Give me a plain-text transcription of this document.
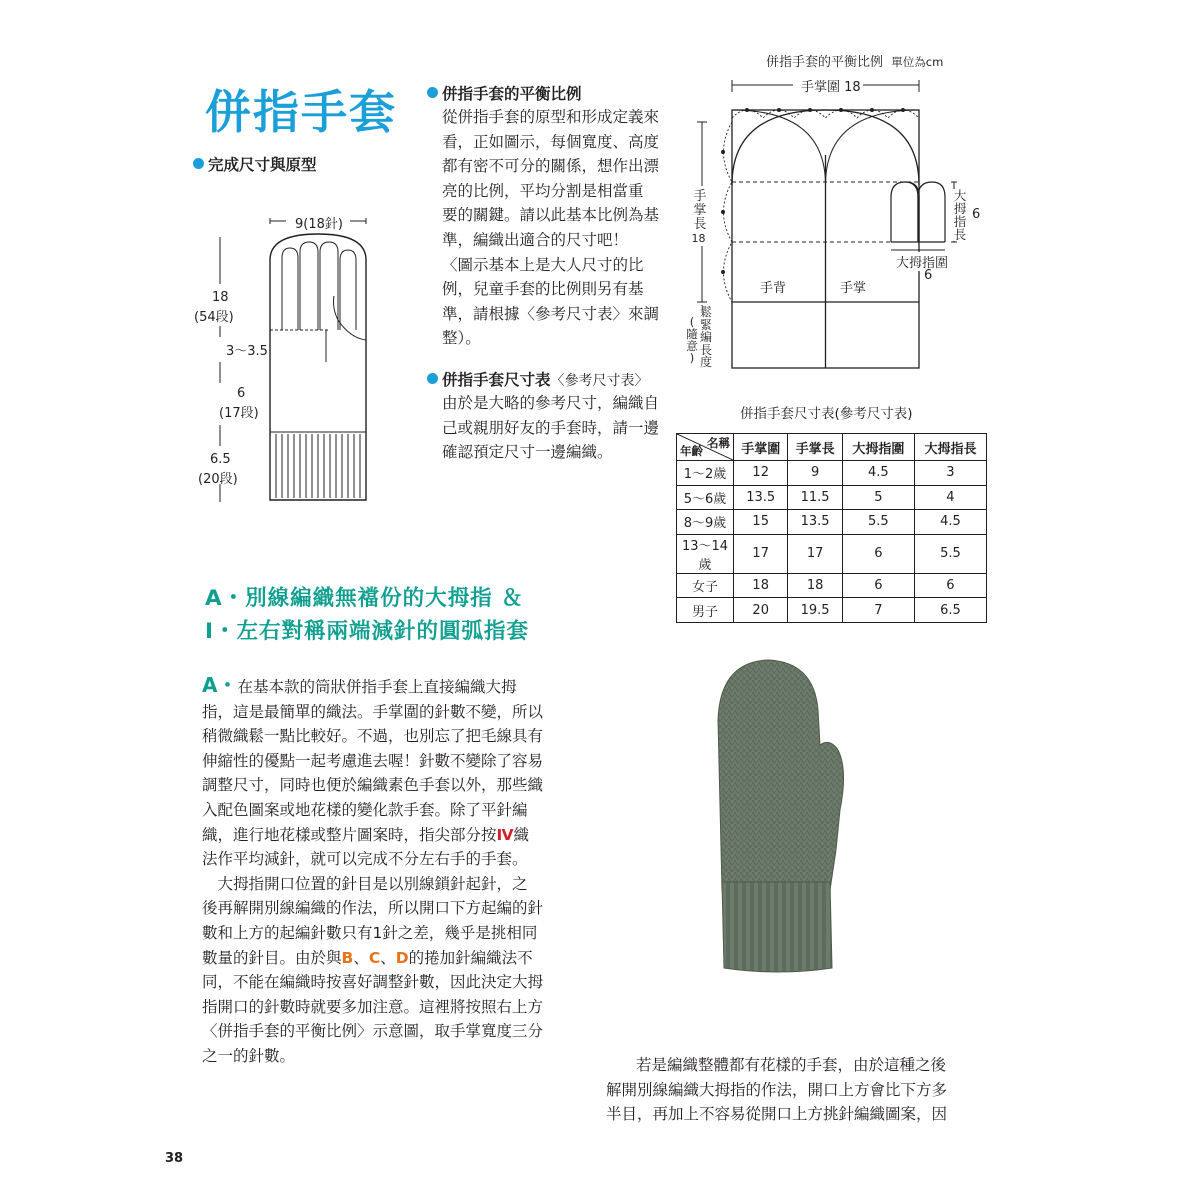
併指手套
完成尺寸與原型
9(18針)
18
(54段)
3～3.5
6
(17段)
6.5
(20段)
併指手套的平衡比例
從併指手套的原型和形成定義來
看，正如圖示，每個寬度、高度
都有密不可分的關係，想作出漂
亮的比例，平均分割是相當重
要的關鍵。請以此基本比例為基
準，編織出適合的尺寸吧！
〈圖示基本上是大人尺寸的比
例，兒童手套的比例則另有基
準，請根據〈參考尺寸表〉來調
整）。
併指手套尺寸表〈參考尺寸表〉
由於是大略的參考尺寸，編織自
己或親朋好友的手套時，請一邊
確認預定尺寸一邊編織。
併指手套的平衡比例 單位為cm
手掌圍 18
手
掌
長
18
大
拇
指
長
6
大拇指圍
6
手背	手掌
鬆
緊
編
長
度
(
隨
意
)
併指手套尺寸表(參考尺寸表)
名稱
年齡	手掌圍	手掌長	大拇指圍	大拇指長
1～2歲	12	9	4.5	3
5～6歲	13.5	11.5	5	4
8～9歲	15	13.5	5.5	4.5
13～14歲	17	17	6	5.5
女子	18	18	6	6
男子	20	19.5	7	6.5
A・別線編織無襠份的大拇指 ＆
I・左右對稱兩端減針的圓弧指套
A・在基本款的筒狀併指手套上直接編織大拇
指，這是最簡單的織法。手掌圍的針數不變，所以
稍微織鬆一點比較好。不過，也別忘了把毛線具有
伸縮性的優點一起考慮進去喔！針數不變除了容易
調整尺寸，同時也便於編織素色手套以外，那些織
入配色圖案或地花樣的變化款手套。除了平針編
織，進行地花樣或整片圖案時，指尖部分按Ⅳ織
法作平均減針，就可以完成不分左右手的手套。
　大拇指開口位置的針目是以別線鎖針起針，之
後再解開別線編織的作法，所以開口下方起編的針
數和上方的起編針數只有1針之差，幾乎是挑相同
數量的針目。由於與B、C、D的捲加針編織法不
同，不能在編織時按喜好調整針數，因此決定大拇
指開口的針數時就要多加注意。這裡將按照右上方
〈併指手套的平衡比例〉示意圖，取手掌寬度三分
之一的針數。
若是編織整體都有花樣的手套，由於這種之後
解開別線編織大拇指的作法，開口上方會比下方多
半目，再加上不容易從開口上方挑針編織圖案，因
38
